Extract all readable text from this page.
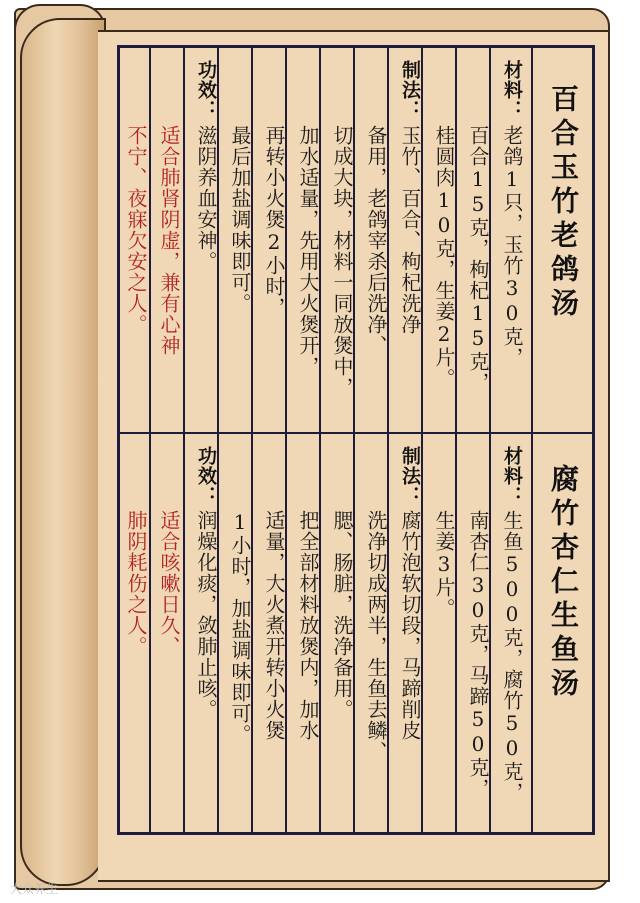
百合玉竹老鸽汤
材料：
老鸽1只，玉竹30克，
百合15克，枸杞15克，
桂圆肉10克，生姜2片。
制法：
玉竹、百合、枸杞洗净
备用，老鸽宰杀后洗净、
切成大块，材料一同放煲中，
加水适量，先用大火煲开，
再转小火煲2小时，
最后加盐调味即可。
功效：
滋阴养血安神。
适合肺肾阴虚，兼有心神
不宁、夜寐欠安之人。
腐竹杏仁生鱼汤
材料：
生鱼500克，腐竹50克，
南杏仁30克，马蹄50克，
生姜3片。
制法：
腐竹泡软切段，马蹄削皮
洗净切成两半，生鱼去鳞、
腮、肠脏，洗净备用。
把全部材料放煲内，加水
适量，大火煮开转小火煲
1小时，加盐调味即可。
功效：
润燥化痰，敛肺止咳。
适合咳嗽日久、
肺阴耗伤之人。
大众养生
